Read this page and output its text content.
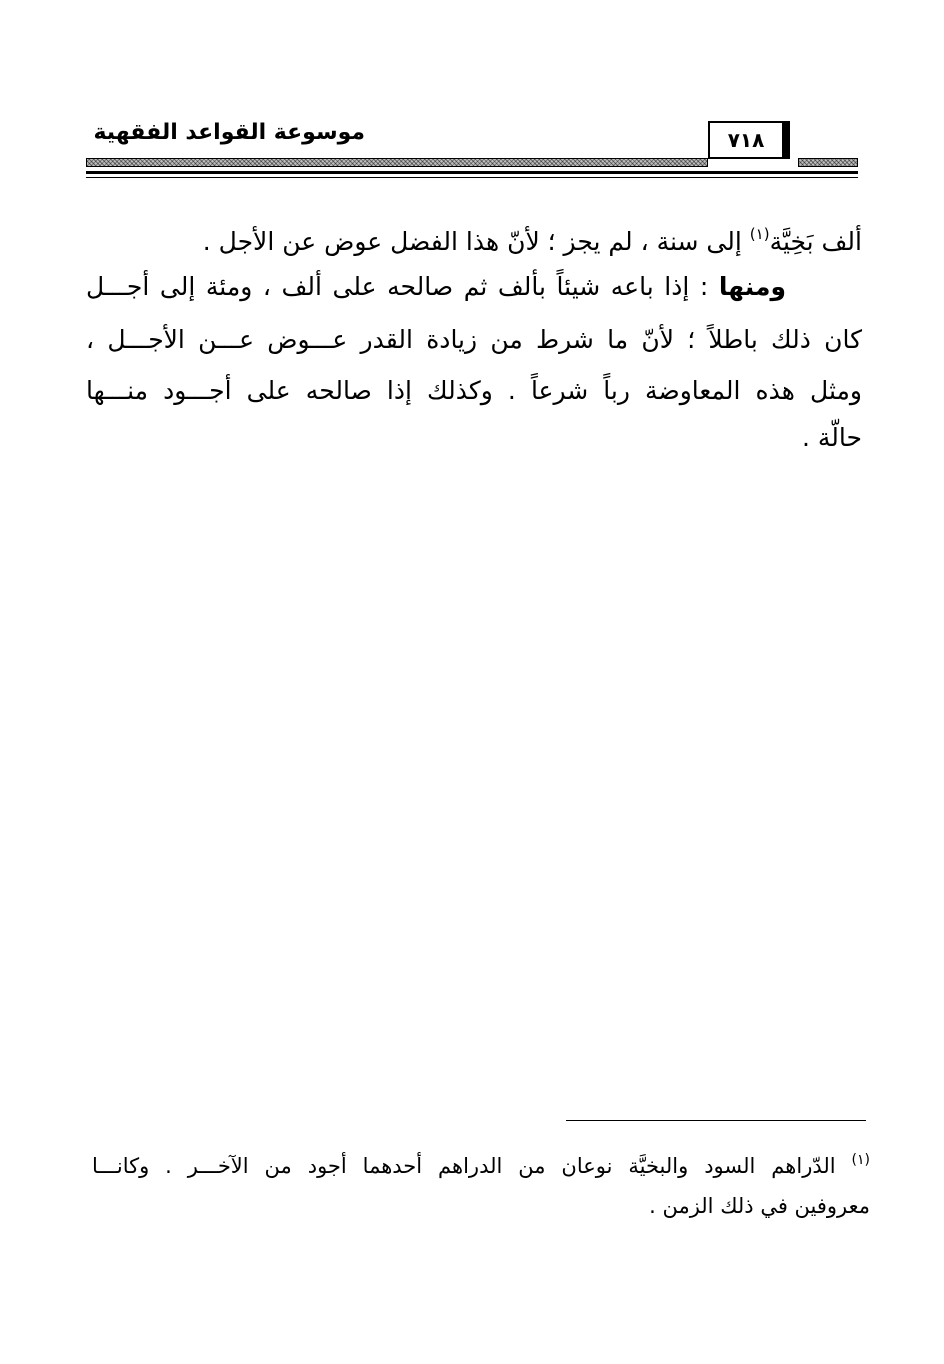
موسوعة القواعد الفقهية	٧١٨
ألف بَخِيَّة$^{(١)}$ إلى سنة ، لم يجز ؛ لأنّ هذا الفضل عوض عن الأجل .
ومنها : إذا باعه شيئاً بألف ثم صالحه على ألف ، ومئة إلى أجـــل
كان ذلك باطلاً ؛ لأنّ ما شرط من زيادة القدر عـــوض عـــن الأجـــل ،
ومثل هذه المعاوضة رباً شرعاً . وكذلك إذا صالحه على أجـــود منـــها
حالّة .
$^{(١)}$ الدّراهم السود والبخيَّة نوعان من الدراهم أحدهما أجود من الآخـــر . وكانـــا
معروفين في ذلك الزمن .
